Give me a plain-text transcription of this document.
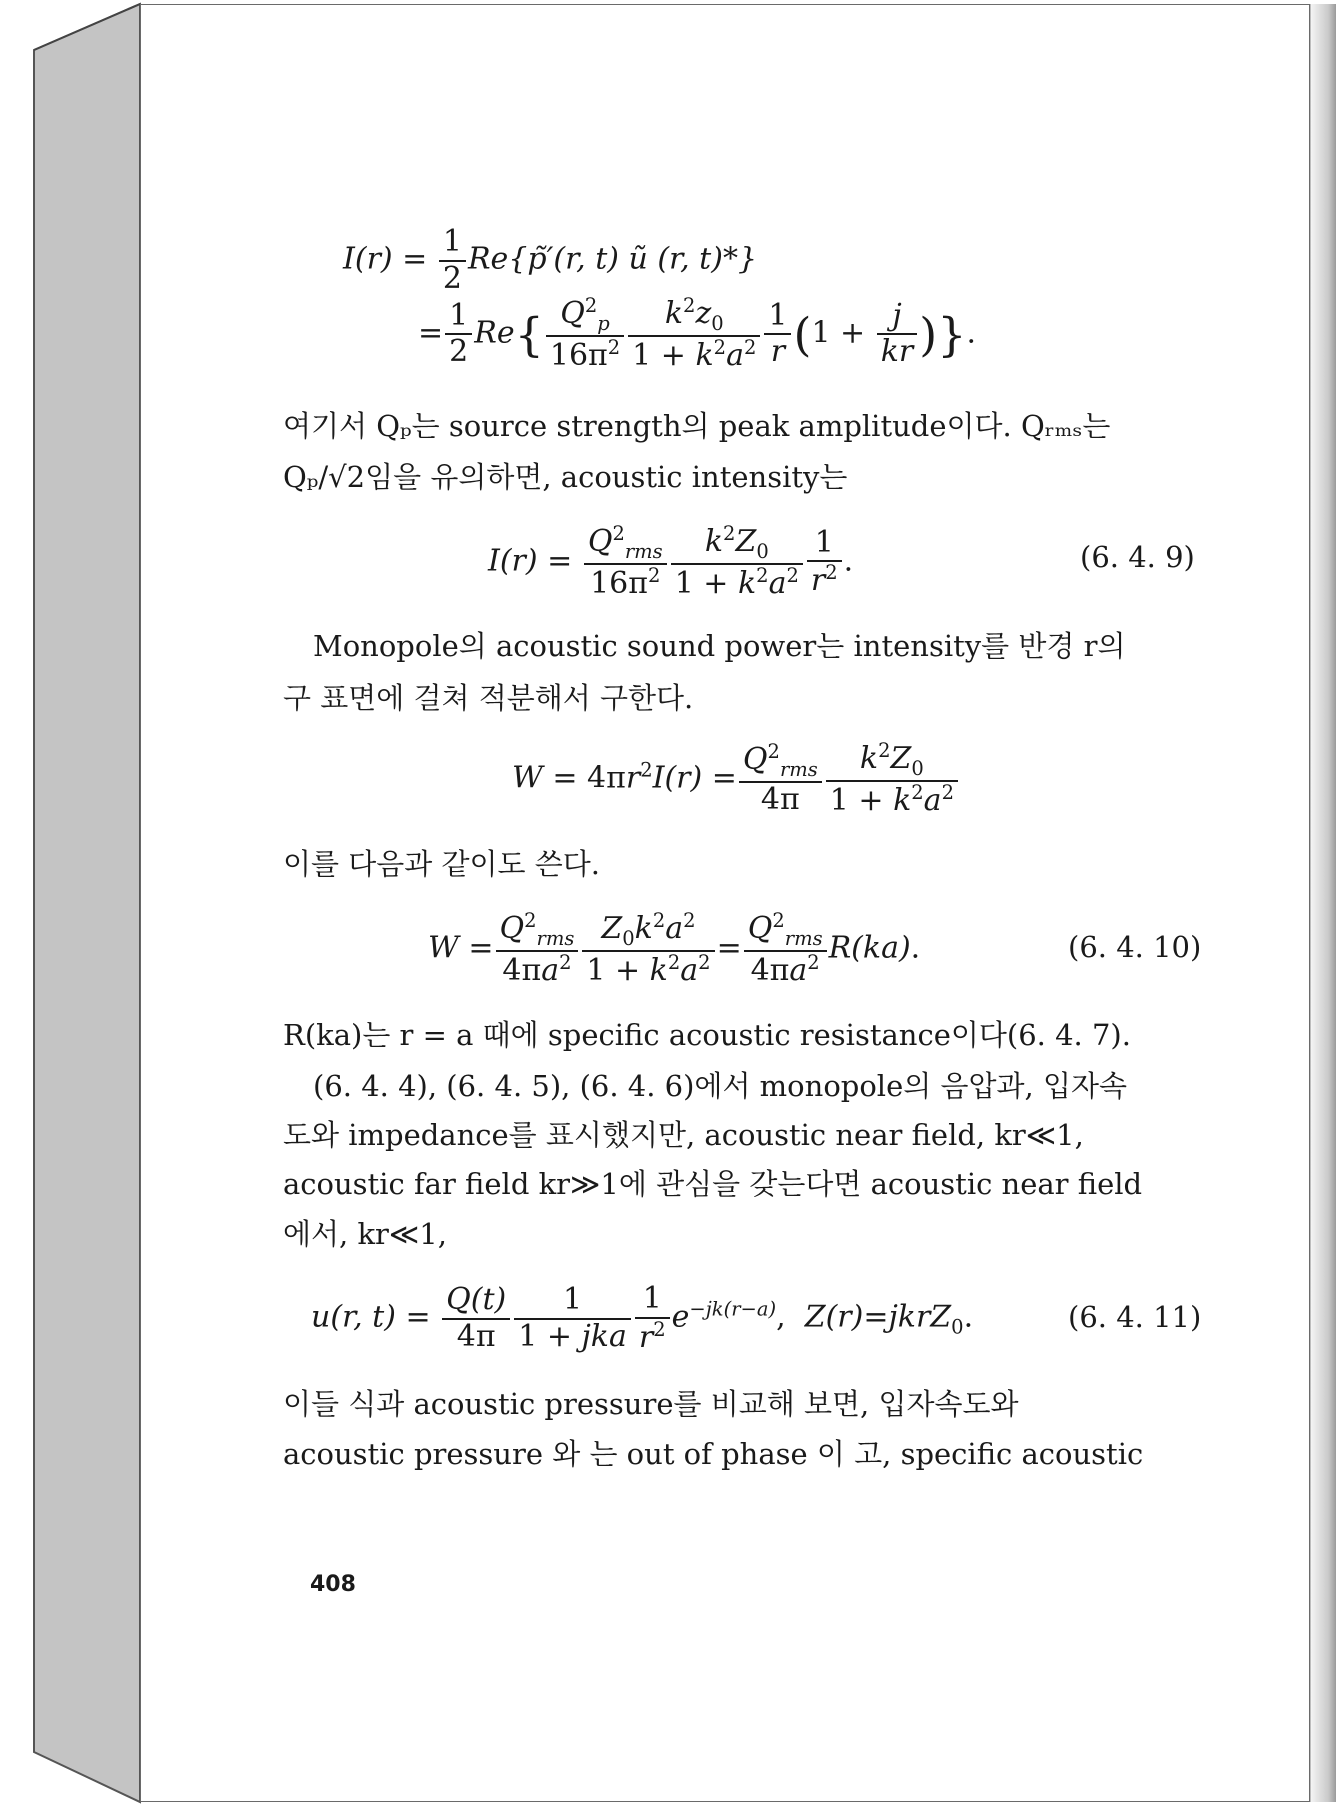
$I(r) = \frac{1}{2}$ Re{p̃′(r, t) ũ (r, t)*}
= $\frac{1}{2} Re\{ \frac{Q^2_p}{16\pi^2} \frac{k^2z_0}{1 + k^2a^2} \frac{1}{r} (1 + \frac{j}{kr}$ )}.
여기서 Qₚ는 source strength의 peak amplitude이다. Qᵣₘₛ는
Qₚ/√2임을 유의하면, acoustic intensity는
$I(r) = \frac{Q^2_{rms}}{16\pi^2} \frac{k^2Z_0}{1 + k^2a^2} \frac{1}{r^2}$ .	(6. 4. 9)
Monopole의 acoustic sound power는 intensity를 반경 r의
구 표면에 걸쳐 적분해서 구한다.
$W = 4\pi r^2I(r) = \frac{Q^2_{rms}}{4\pi} \frac{k^2Z_0}{1 + k^2a^2}$
이를 다음과 같이도 쓴다.
$W = \frac{Q^2_{rms}}{4\pi a^2} \frac{Z_0k^2a^2}{1 + k^2a^2} = \frac{Q^2_{rms}}{4\pi a^2} R(ka)$.	(6. 4. 10)
R(ka)는 r = a 때에 specific acoustic resistance이다(6. 4. 7).
(6. 4. 4), (6. 4. 5), (6. 4. 6)에서 monopole의 음압과, 입자속
도와 impedance를 표시했지만, acoustic near field, kr≪1,
acoustic far field kr≫1에 관심을 갖는다면 acoustic near field
에서, kr≪1,
u(r, $t) = \frac{Q(t)}{4\pi} \frac{1}{\text{1 + jka}} \frac{1}{r^2} e^{-jk(r-a)}$,  Z(r)=jkrZ$_0$.	(6. 4. 11)
이들 식과 acoustic pressure를 비교해 보면, 입자속도와
acoustic pressure 와 는 out of phase 이 고, specific acoustic
408
